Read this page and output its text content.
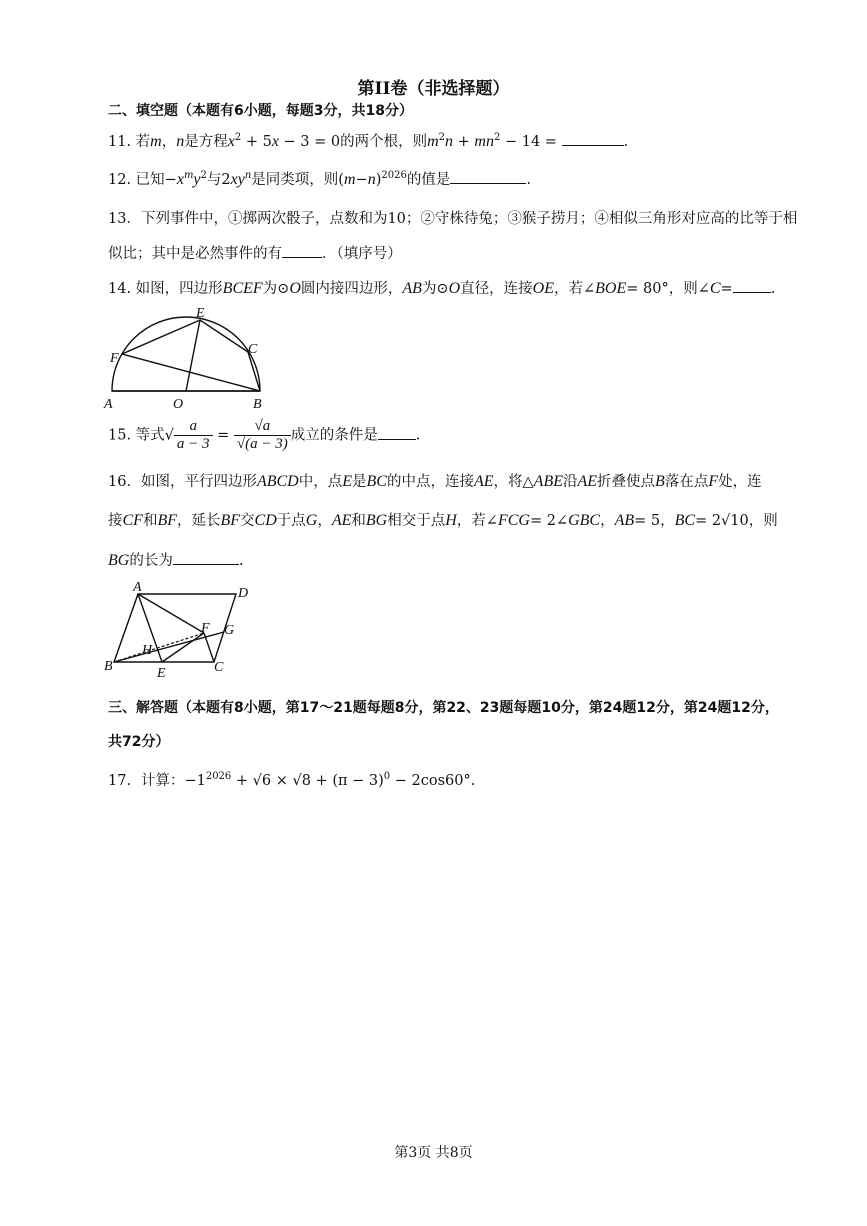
第II卷（非选择题）
二、填空题（本题有6小题，每题3分，共18分）
11. 若m，n是方程$x^2 + 5x - 3 = 0$的两个根，则$m^2n + mn^2 - 14$ =	.
12. 已知$-x^my^2$与$2xy^n$是同类项，则$(m-n)^{2026}$的值是	.
13．下列事件中，①掷两次骰子，点数和为10；②守株待兔；③猴子捞月；④相似三角形对应高的比等于相
似比；其中是必然事件的有	．（填序号）
14. 如图，四边形BCEF为⊙O圆内接四边形，AB为⊙O直径，连接OE，若∠BOE= 80°，则∠C=	.
E
C
F
A	O	B
15. 等式√ $\frac{a}{a - 3} = \frac{√a}{√(a - 3)}$ 成立的条件是	.
16．如图，平行四边形ABCD中，点E是BC的中点，连接AE，将△ABE沿AE折叠使点B落在点F处，连
接CF和BF，延长BF交CD于点G，AE和BG相交于点H，若∠FCG= 2∠GBC，AB= 5，BC= 2√10，则
BG的长为	.
A	D
F G
H
B	E	C
三、解答题（本题有8小题，第17～21题每题8分，第22、23题每题10分，第24题12分，第24题12分，
共72分）
17．计算：$-1^{2026} + √6 \times √8 + (\pi - 3)^0 - 2\cos 60^\circ$.
第3页 共8页
